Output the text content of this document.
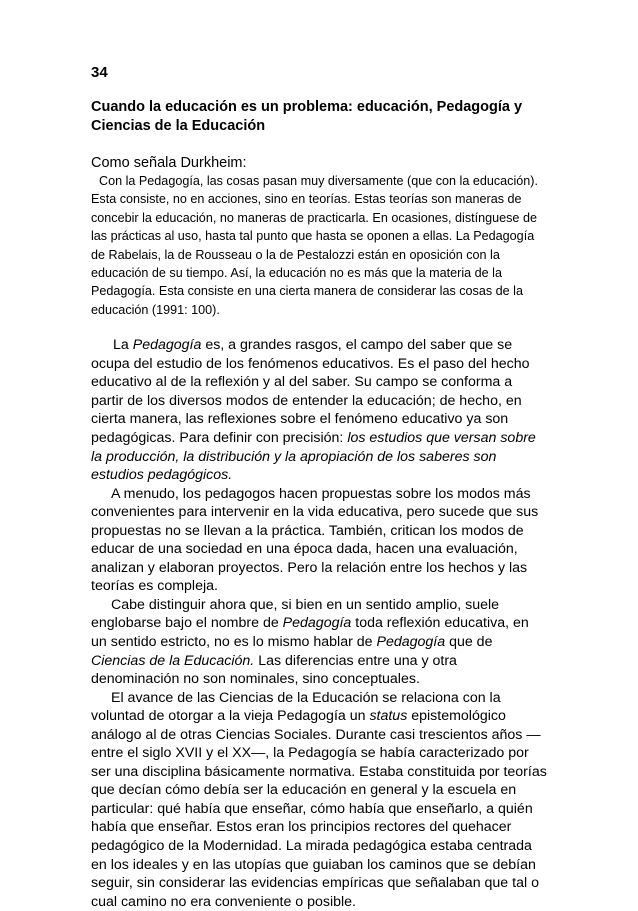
34
Cuando la educación es un problema: educación, Pedagogía y Ciencias de la Educación

Como señala Durkheim:

Con la Pedagogía, las cosas pasan muy diversamente (que con la educación). Esta consiste, no en acciones, sino en teorías. Estas teorías son maneras de concebir la educación, no maneras de practicarla. En ocasiones, distínguese de las prácticas al uso, hasta tal punto que hasta se oponen a ellas. La Pedagogía de Rabelais, la de Rousseau o la de Pestalozzi están en oposición con la educación de su tiempo. Así, la educación no es más que la materia de la Pedagogía. Esta consiste en una cierta manera de considerar las cosas de la educación (1991: 100).

La Pedagogía es, a grandes rasgos, el campo del saber que se ocupa del estudio de los fenómenos educativos. Es el paso del hecho educativo al de la reflexión y al del saber. Su campo se conforma a partir de los diversos modos de entender la educación; de hecho, en cierta manera, las reflexiones sobre el fenómeno educativo ya son pedagógicas. Para definir con precisión: los estudios que versan sobre la producción, la distribución y la apropiación de los saberes son estudios pedagógicos.

A menudo, los pedagogos hacen propuestas sobre los modos más convenientes para intervenir en la vida educativa, pero sucede que sus propuestas no se llevan a la práctica. También, critican los modos de educar de una sociedad en una época dada, hacen una evaluación, analizan y elaboran proyectos. Pero la relación entre los hechos y las teorías es compleja.

Cabe distinguir ahora que, si bien en un sentido amplio, suele englobarse bajo el nombre de Pedagogía toda reflexión educativa, en un sentido estricto, no es lo mismo hablar de Pedagogía que de Ciencias de la Educación. Las diferencias entre una y otra denominación no son nominales, sino conceptuales.

El avance de las Ciencias de la Educación se relaciona con la voluntad de otorgar a la vieja Pedagogía un status epistemológico análogo al de otras Ciencias Sociales. Durante casi trescientos años —entre el siglo XVII y el XX—, la Pedagogía se había caracterizado por ser una disciplina básicamente normativa. Estaba constituida por teorías que decían cómo debía ser la educación en general y la escuela en particular: qué había que enseñar, cómo había que enseñarlo, a quién había que enseñar. Estos eran los principios rectores del quehacer pedagógico de la Modernidad. La mirada pedagógica estaba centrada en los ideales y en las utopías que guiaban los caminos que se debían seguir, sin considerar las evidencias empíricas que señalaban que tal o cual camino no era conveniente o posible.
